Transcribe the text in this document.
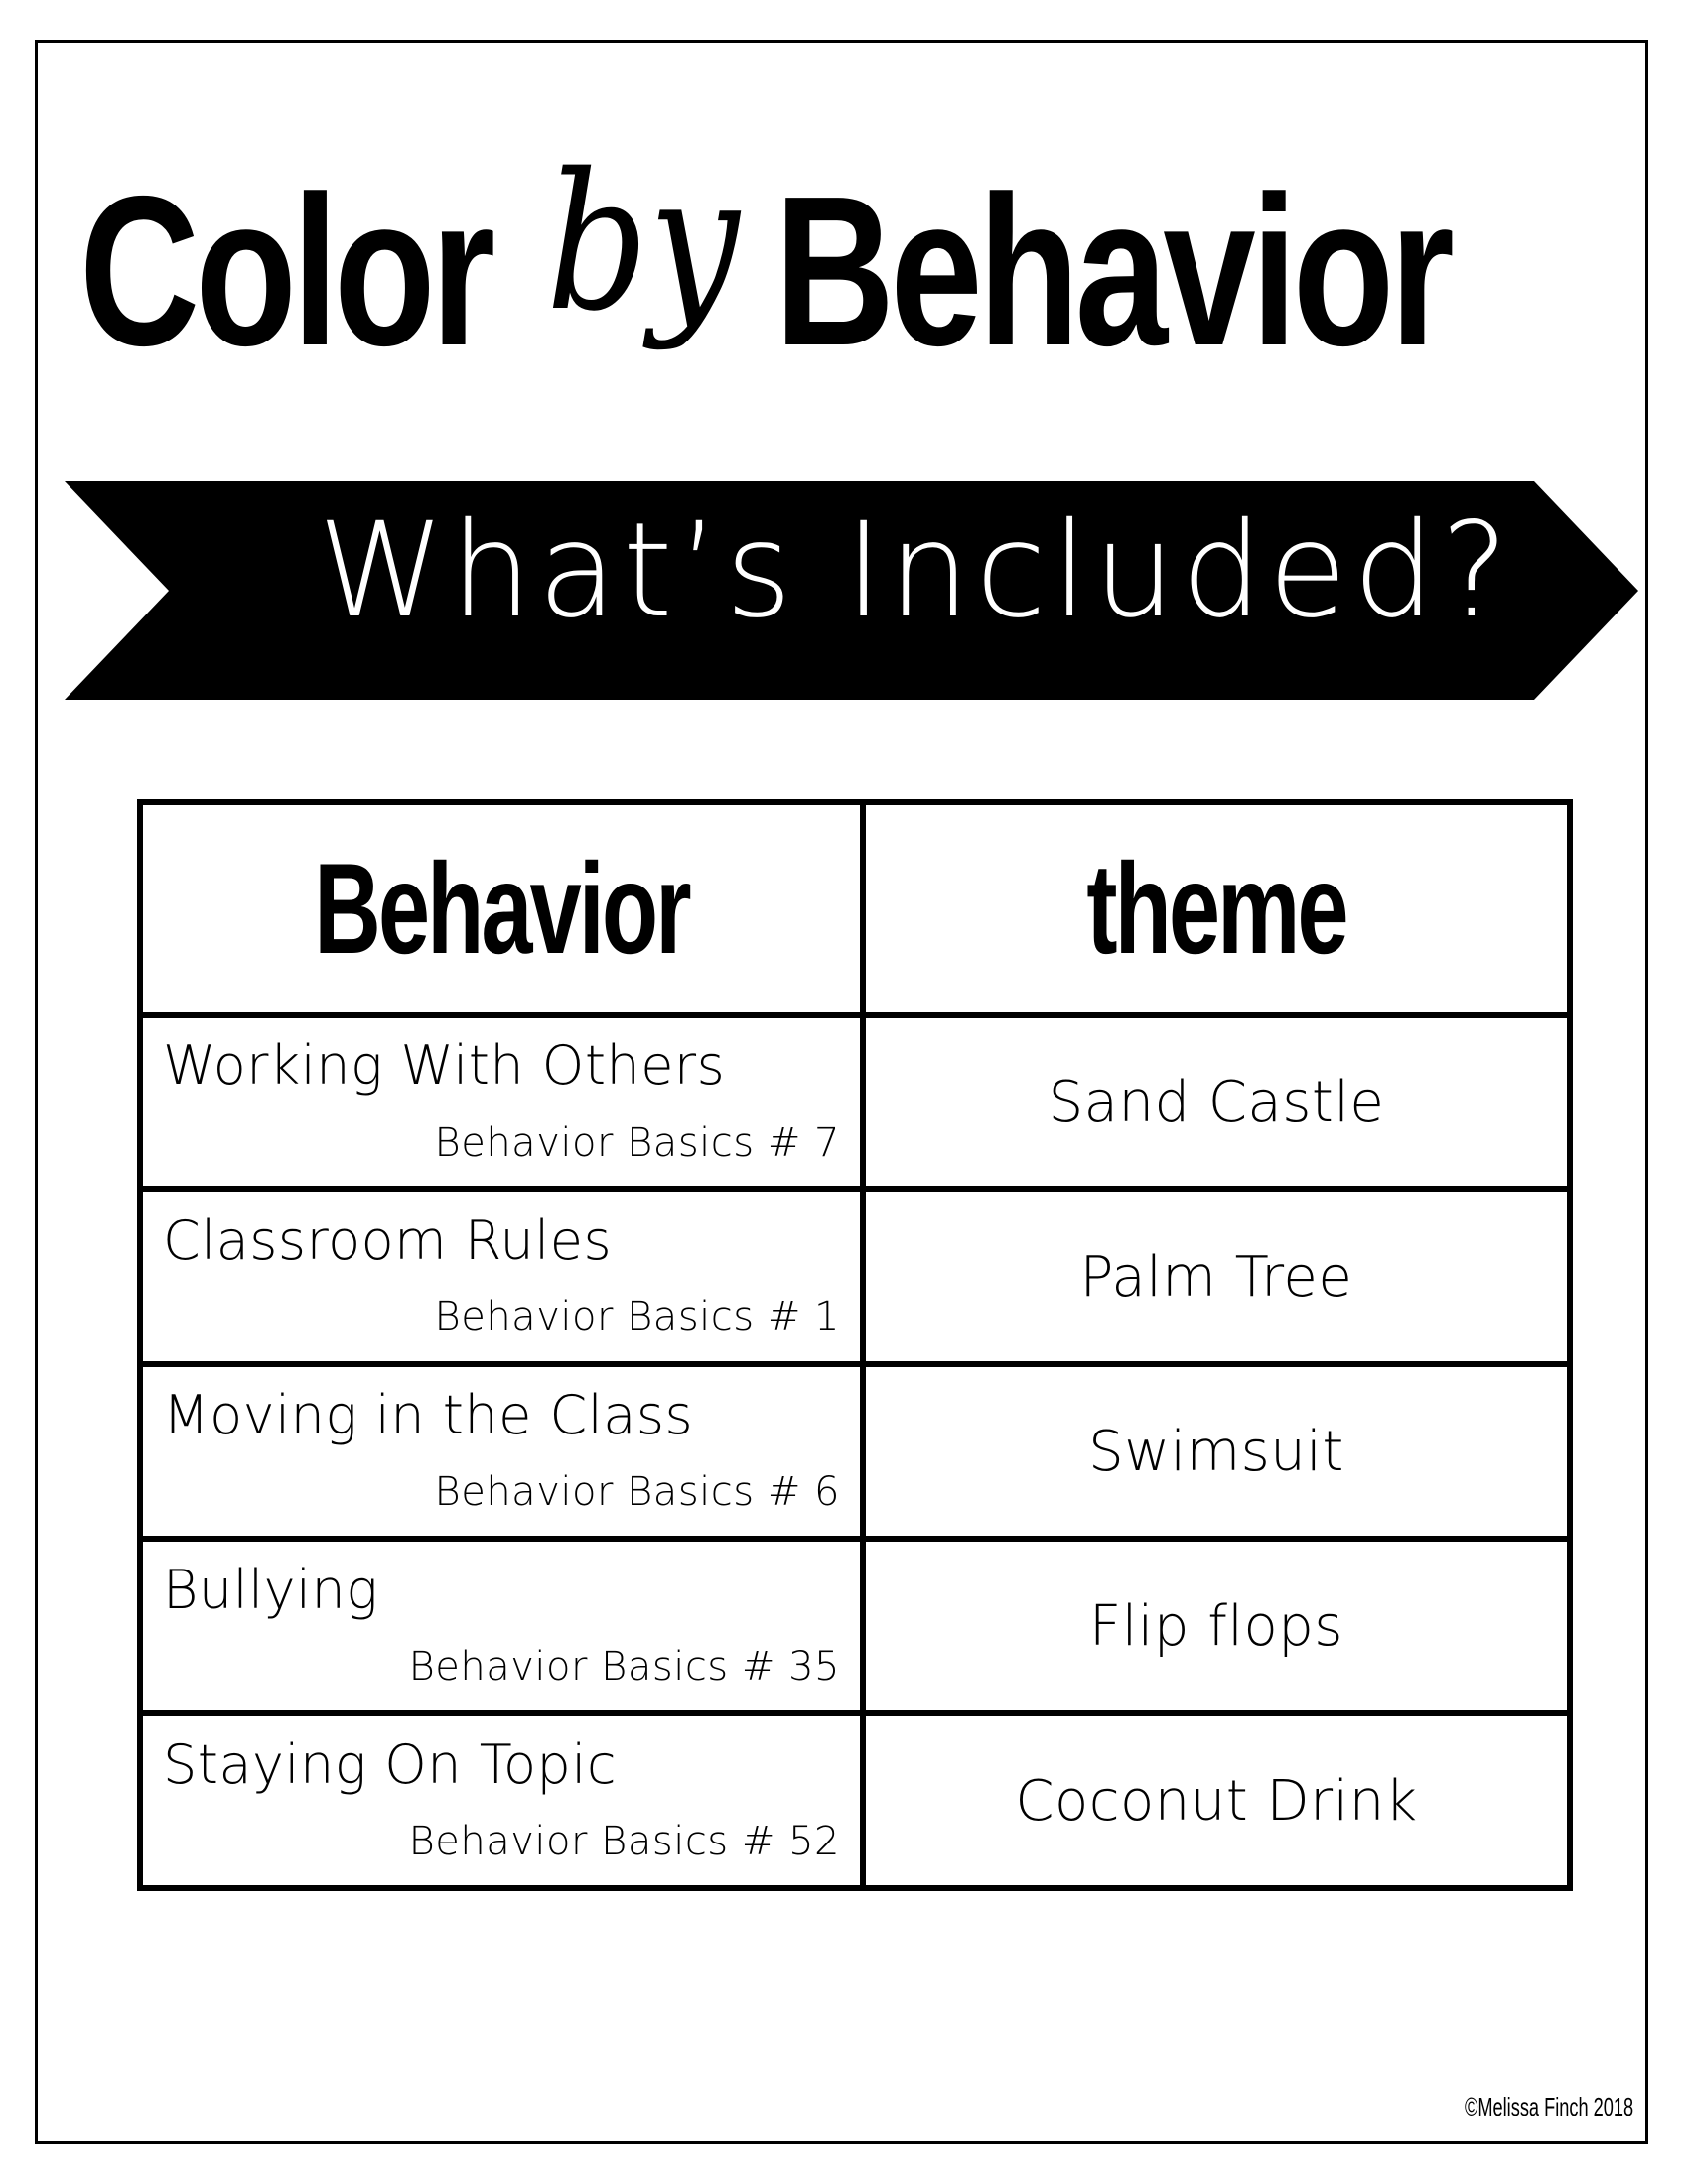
Color by Behavior
What’s Included?
Behavior	theme

Working With Others
Behavior Basics # 7	Sand Castle

Classroom Rules
Behavior Basics # 1	Palm Tree

Moving in the Class
Behavior Basics # 6	Swimsuit

Bullying
Behavior Basics # 35	Flip flops

Staying On Topic
Behavior Basics # 52	Coconut Drink
©Melissa Finch 2018
